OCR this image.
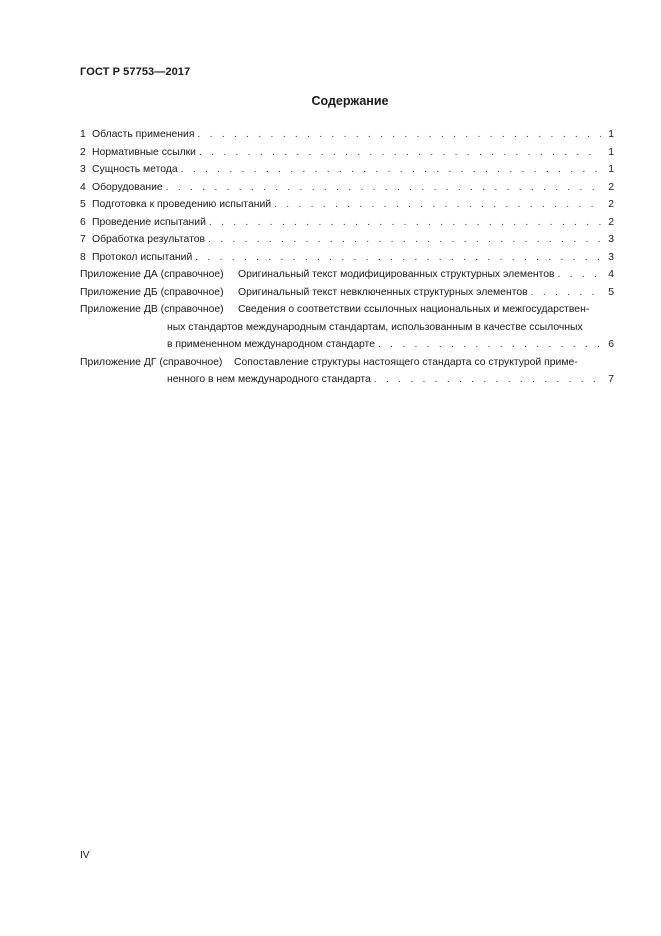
ГОСТ Р 57753—2017
Содержание
1 Область применения . . .	1
2 Нормативные ссылки . . .	1
3 Сущность метода . . .	1
4 Оборудование . . .	2
5 Подготовка к проведению испытаний . . .	2
6 Проведение испытаний . . .	2
7 Обработка результатов . . .	3
8 Протокол испытаний . . .	3
Приложение ДА (справочное)	Оригинальный текст модифицированных структурных элементов . . .	4
Приложение ДБ (справочное)	Оригинальный текст невключенных структурных элементов . . .	5
Приложение ДВ (справочное)	Сведения о соответствии ссылочных национальных и межгосударствен-
ных стандартов международным стандартам, использованным в качестве ссылочных
в примененном международном стандарте . . .	6
Приложение ДГ (справочное)	Сопоставление структуры настоящего стандарта со структурой приме-
ненного в нем международного стандарта . . .	7
IV
